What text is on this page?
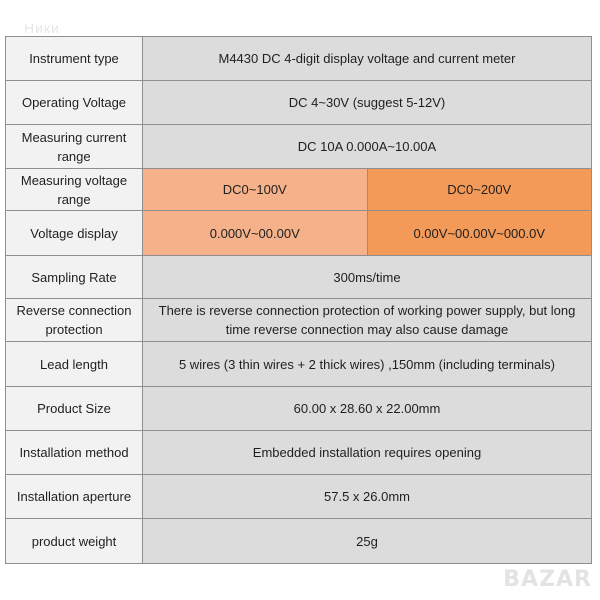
Ники
Instrument type	M4430 DC 4-digit display voltage and current meter	
Operating Voltage	DC 4~30V (suggest 5-12V)	
Measuring current range	DC 10A 0.000A~10.00A	
Measuring voltage range	DC0~100V	DC0~200V
Voltage display	0.000V~00.00V	0.00V~00.00V~000.0V
Sampling Rate	300ms/time	
Reverse connection protection	There is reverse connection protection of working power supply, but long time reverse connection may also cause damage	
Lead length	5 wires (3 thin wires + 2 thick wires) ,150mm (including terminals)	
Product Size	60.00 x 28.60 x 22.00mm	
Installation method	Embedded installation requires opening	
Installation aperture	57.5 x 26.0mm	
product weight	25g	
BAZAR
